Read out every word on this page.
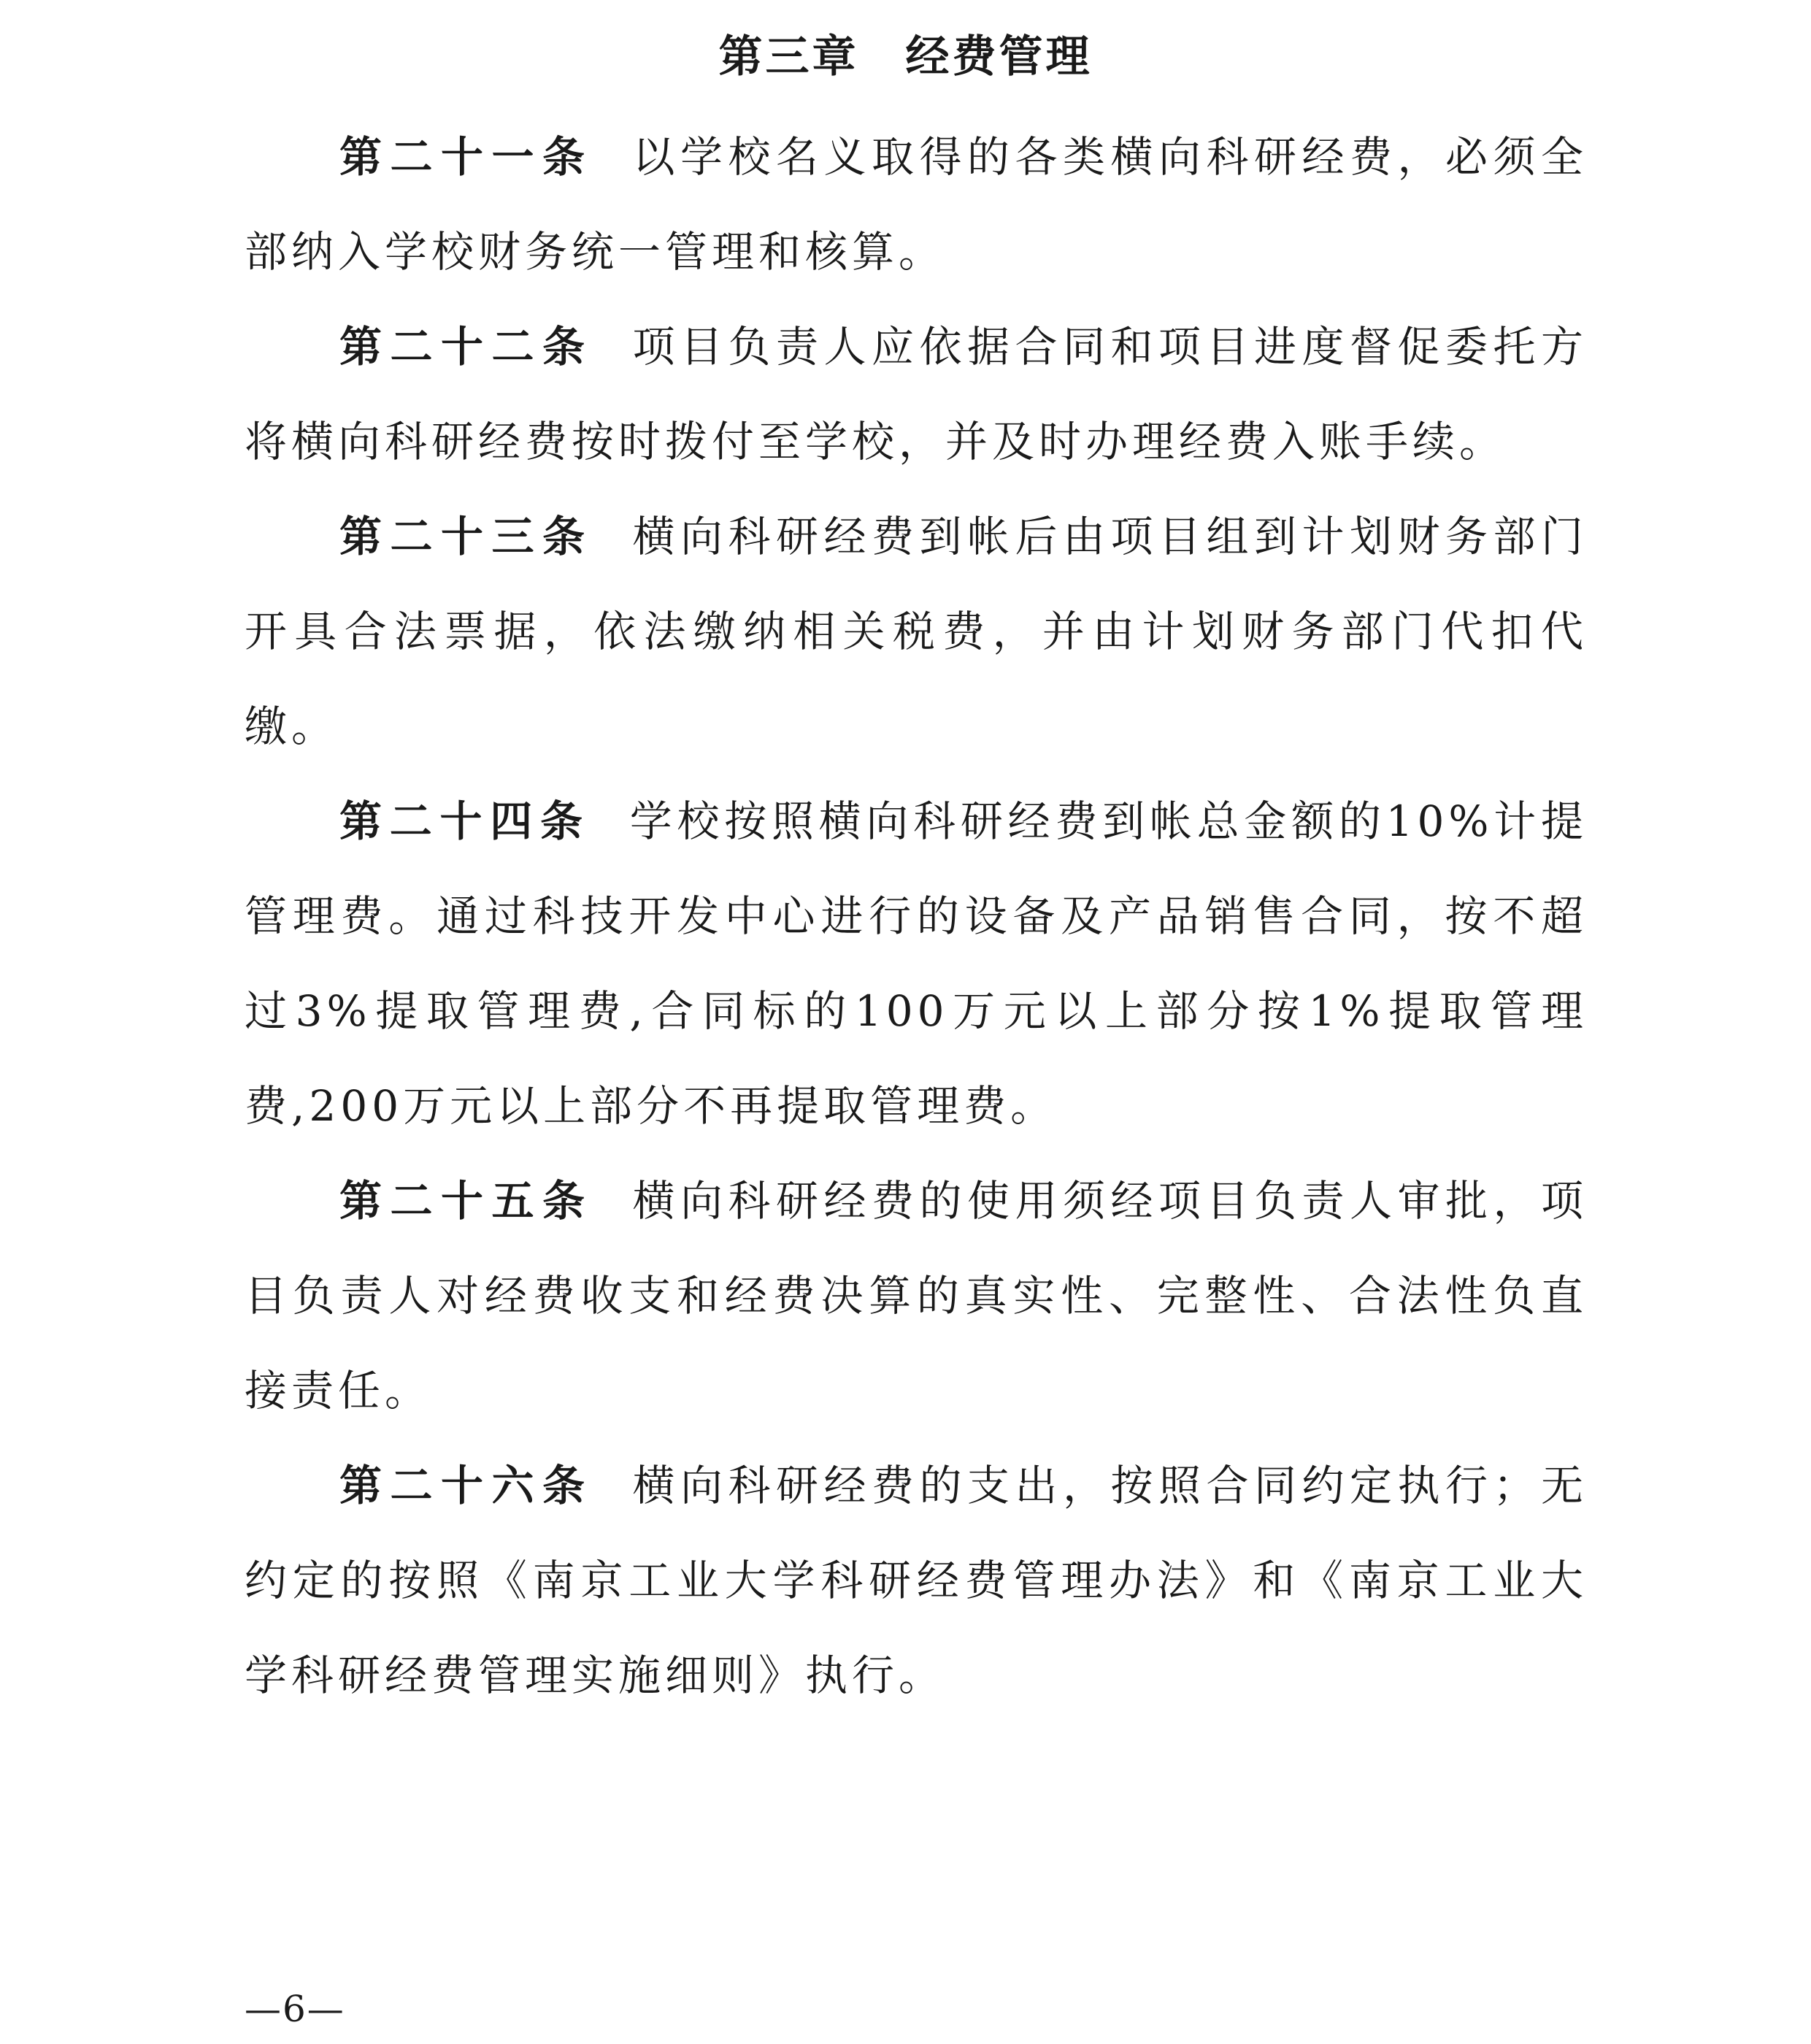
第三章　经费管理

第二十一条 以学校名义取得的各类横向科研经费，必须全部纳入学校财务统一管理和核算。

第二十二条 项目负责人应依据合同和项目进度督促委托方将横向科研经费按时拨付至学校，并及时办理经费入账手续。

第二十三条 横向科研经费到帐后由项目组到计划财务部门开具合法票据，依法缴纳相关税费，并由计划财务部门代扣代缴。

第二十四条 学校按照横向科研经费到帐总金额的10%计提管理费。通过科技开发中心进行的设备及产品销售合同，按不超过3%提取管理费,合同标的100万元以上部分按1%提取管理费,200万元以上部分不再提取管理费。

第二十五条 横向科研经费的使用须经项目负责人审批，项目负责人对经费收支和经费决算的真实性、完整性、合法性负直接责任。

第二十六条 横向科研经费的支出，按照合同约定执行；无约定的按照《南京工业大学科研经费管理办法》和《南京工业大学科研经费管理实施细则》执行。

—6—
